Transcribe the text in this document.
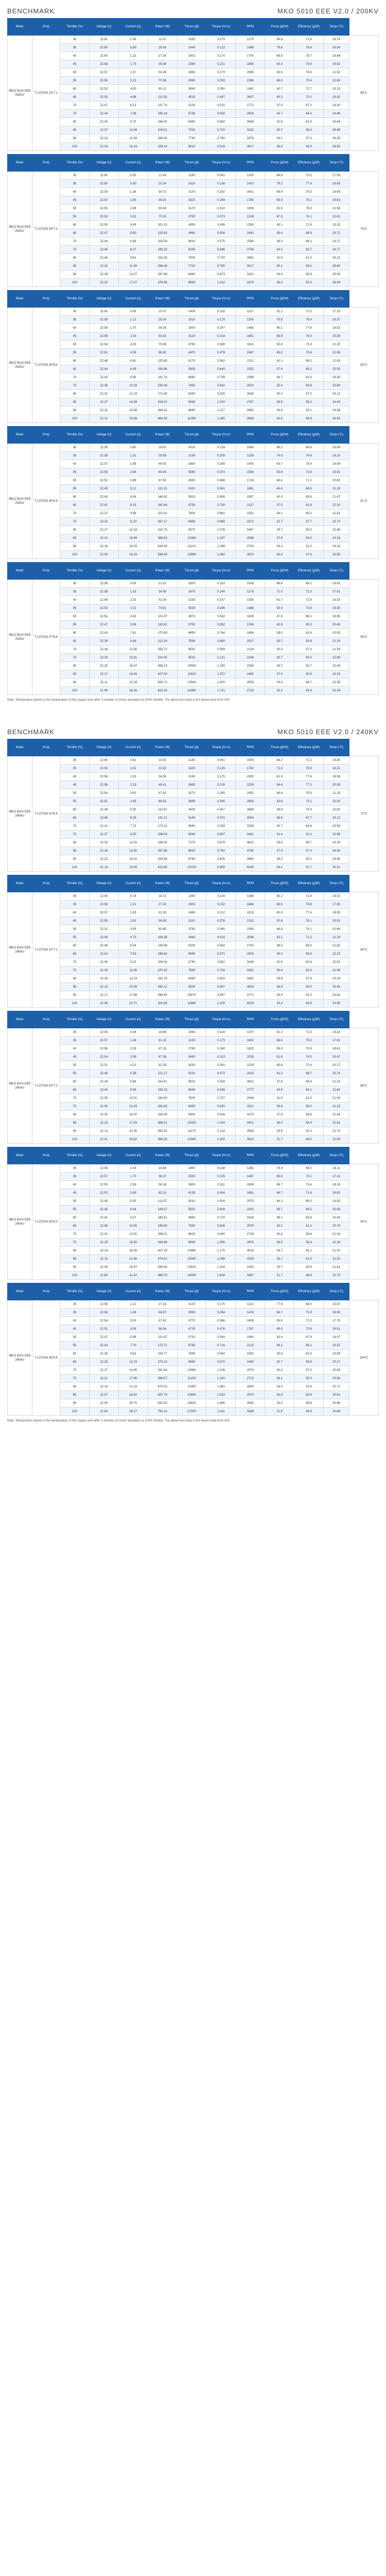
BENCHMARK	MKO 5010 EEE V2.0 / 200KV
Motor	Prop	Throttle (%)	Voltage (V)	Current (A)	Power (W)	Thrust (gf)	Torque (N·m)	RPM	Force (gf/W)	Efficiency (g/W)	Temp (°C)	
MKO 5010 EEE 200KV	T-LOTON 23*7.1	30	22.61	0.49	11.07	1050	0.079	1279	94.8	71.6	16.74	69°C
		35	22.60	0.80	18.08	1440	0.122	1498	79.6	76.8	18.04	
		40	22.60	1.21	27.35	1902	0.170	1700	69.5	79.7	19.48	
		45	22.58	1.73	39.06	2360	0.221	1895	60.4	79.6	20.52	
		50	22.57	2.37	53.49	2860	0.273	2085	53.5	78.6	21.52	
		55	22.55	3.13	70.58	3390	0.330	2266	48.0	75.4	22.40	
		60	22.53	4.00	90.12	3940	0.390	2441	43.7	72.7	23.13	
		65	22.50	4.98	112.05	4510	0.447	2607	40.2	70.0	23.82	
		70	22.47	6.13	137.74	5100	0.515	2771	37.0	67.0	24.40	
		75	22.44	7.36	165.16	5730	0.580	2928	34.7	64.4	24.96	
		80	22.40	8.75	196.00	6390	0.650	3084	32.6	61.9	25.44	
		85	22.37	10.26	229.52	7050	0.720	3232	30.7	59.3	25.89	
		90	22.33	11.93	266.40	7740	0.790	3376	29.1	57.5	26.26	
		100	22.26	15.24	339.24	9010	0.919	3617	26.6	54.3	26.83	
Motor	Prop	Throttle (%)	Voltage (V)	Current (A)	Power (W)	Thrust (gf)	Torque (N·m)	RPM	Force (gf/W)	Efficiency (g/W)	Temp (°C)	
MKO 5010 EEE 200KV	T-LOTON 24*7.2	30	22.60	0.55	12.43	1180	0.091	1205	94.9	73.2	17.09	74°C
		35	22.60	0.90	20.34	1610	0.138	1410	79.2	77.4	18.45	
		40	22.59	1.36	30.72	2100	0.192	1601	68.4	79.3	19.69	
		45	22.57	1.95	44.01	2620	0.249	1783	59.5	78.1	20.63	
		50	22.55	2.68	60.43	3170	0.310	1959	52.5	76.0	21.58	
		55	22.53	3.52	79.31	3750	0.373	2126	47.3	74.1	22.41	
		60	22.50	4.49	101.03	4350	0.436	2290	43.1	71.9	23.15	
		65	22.47	5.60	125.83	4960	0.504	2443	39.4	68.9	23.72	
		70	22.44	6.88	154.39	5610	0.575	2594	36.3	66.3	24.27	
		75	22.40	8.27	185.25	6290	0.646	2740	34.0	63.7	24.77	
		80	22.36	9.81	219.35	7000	0.720	2882	31.9	61.3	25.22	
		85	22.32	11.49	256.46	7720	0.795	3017	30.1	59.0	25.60	
		90	22.28	13.37	297.88	8460	0.873	3151	28.4	56.9	25.93	
		100	22.20	17.07	378.95	9850	1.012	3375	26.0	53.5	26.49	
Motor	Prop	Throttle (%)	Voltage (V)	Current (A)	Power (W)	Thrust (gf)	Torque (N·m)	RPM	Force (gf/W)	Efficiency (g/W)	Temp (°C)	
MKO 5010 EEE 200KV	T-LOTON 25*8.0	30	22.60	0.68	15.37	1400	0.118	1117	91.1	72.3	17.15	83°C
		35	22.59	1.12	25.30	1910	0.178	1305	75.5	76.9	18.37	
		40	22.58	1.70	38.39	2500	0.247	1483	65.1	77.6	19.52	
		45	22.56	2.43	54.82	3120	0.319	1651	56.9	76.0	20.39	
		50	22.54	3.33	75.06	3780	0.398	1812	50.4	73.3	21.20	
		55	22.51	4.39	98.82	4470	0.479	1967	45.2	70.6	21.89	
		60	22.48	5.60	125.89	5170	0.562	2112	41.1	68.0	22.43	
		65	22.44	6.99	156.86	5900	0.649	2252	37.6	65.2	22.93	
		70	22.40	8.56	191.74	6660	0.739	2388	34.7	62.4	23.39	
		75	22.36	10.29	230.08	7450	0.830	2520	32.4	59.8	23.80	
		80	22.31	12.19	271.96	8250	0.925	2646	30.3	57.5	24.12	
		85	22.27	14.28	318.02	9060	1.020	2767	28.5	55.2	24.40	
		90	22.22	16.58	368.41	9890	1.117	2882	26.8	53.1	24.58	
		100	22.12	20.99	464.30	11390	1.285	3069	24.5	49.9	24.84	
Motor	Prop	Throttle (%)	Voltage (V)	Current (A)	Power (W)	Thrust (gf)	Torque (N·m)	RPM	Force (gf/W)	Efficiency (g/W)	Temp (°C)	
MKO 5010 EEE 200KV	T-LOTON 26*8.5	30	22.59	0.80	18.07	1610	0.139	1060	89.1	69.8	16.89	91°C
		35	22.58	1.31	29.58	2190	0.209	1238	74.0	74.6	18.10	
		40	22.57	1.99	44.91	2860	0.289	1405	63.7	75.4	19.08	
		45	22.55	2.84	64.04	3580	0.374	1564	55.9	73.8	19.92	
		50	22.52	3.89	87.60	4330	0.466	1716	49.4	71.1	20.62	
		55	22.49	5.12	115.15	5110	0.561	1861	44.4	68.5	21.19	
		60	22.45	6.54	146.82	5920	0.658	1997	40.3	65.6	21.67	
		65	22.41	8.15	182.64	6750	0.759	2127	37.0	62.8	22.10	
		70	22.37	9.96	222.81	7600	0.862	2251	34.1	60.2	22.42	
		75	22.32	11.97	267.17	8480	0.968	2372	31.7	57.7	22.73	
		80	22.27	14.18	315.79	9370	1.076	2487	29.7	55.3	22.98	
		85	22.22	16.59	368.63	10280	1.187	2598	27.9	53.0	23.18	
		90	22.16	19.25	426.58	11210	1.298	2704	26.3	51.0	23.34	
		100	22.05	24.33	536.48	12890	1.492	2874	24.0	47.8	23.55	
Motor	Prop	Throttle (%)	Voltage (V)	Current (A)	Power (W)	Thrust (gf)	Torque (N·m)	RPM	Force (gf/W)	Efficiency (g/W)	Temp (°C)	
MKO 5010 EEE 200KV	T-LOTON 27*8.8	30	22.59	0.93	21.01	1820	0.163	1008	86.6	68.2	16.62	99°C
		35	22.58	1.53	34.55	2470	0.244	1176	71.5	72.3	17.61	
		40	22.56	2.32	52.34	3230	0.337	1335	61.7	72.9	18.53	
		45	22.54	3.31	74.61	4030	0.436	1486	54.0	70.9	19.30	
		50	22.51	4.53	101.97	4870	0.542	1629	47.8	68.1	19.95	
		55	22.47	5.96	133.92	5750	0.652	1766	42.9	65.3	20.49	
		60	22.43	7.61	170.69	6650	0.764	1894	39.0	62.6	20.93	
		65	22.39	9.48	212.26	7580	0.880	2017	35.7	59.9	21.29	
		70	22.34	11.58	258.70	8530	0.999	2134	33.0	57.3	21.59	
		75	22.29	13.91	310.05	9510	1.121	2248	30.7	55.0	21.85	
		80	22.23	16.47	366.13	10500	1.245	2356	28.7	52.7	22.06	
		85	22.17	19.26	427.00	11510	1.372	2460	27.0	50.6	22.23	
		90	22.11	22.33	493.72	12540	1.500	2559	25.4	48.7	22.35	
		100	21.99	28.16	619.24	14390	1.721	2718	23.2	45.6	22.49	
Note: Temperature above is the temperature of the copper wire after 3 minutes of motor operation at 100% throttle. The above test data is the lowest data from 50V.
BENCHMARK	MKO 5010 EEE V2.0 / 240KV
Motor	Prop	Throttle (%)	Voltage (V)	Current (A)	Power (W)	Thrust (gf)	Torque (N·m)	RPM	Force (gf/W)	Efficiency (g/W)	Temp (°C)	
MKO 5010 EEE 240KV	T-LOTON 22*6.6	30	22.60	0.62	14.01	1180	0.081	1504	84.2	71.1	16.85	72°C
		35	22.59	1.01	22.82	1620	0.125	1762	71.0	75.9	18.21	
		40	22.58	1.53	34.55	2140	0.175	2000	61.9	77.6	19.36	
		45	22.56	2.19	49.41	2690	0.228	2230	54.4	77.1	20.39	
		50	22.54	3.00	67.62	3270	0.285	2452	48.4	75.5	21.25	
		55	22.51	3.95	88.91	3880	0.345	2664	43.6	73.1	22.00	
		60	22.48	5.05	113.52	4500	0.407	2869	39.6	70.4	22.62	
		65	22.45	6.29	141.21	5150	0.471	3064	36.5	67.7	23.12	
		70	22.41	7.73	173.23	5830	0.539	3256	33.7	64.8	23.56	
		75	22.37	9.30	208.04	6540	0.607	3441	31.4	62.1	23.98	
		80	22.33	11.03	246.30	7270	0.679	3622	29.5	59.7	24.34	
		85	22.28	12.92	287.86	8020	0.752	3794	27.9	57.3	24.60	
		90	22.23	15.02	333.89	8780	0.826	3960	26.3	55.2	24.85	
		100	22.14	19.09	422.65	10220	0.959	4245	24.2	51.7	25.21	
Motor	Prop	Throttle (%)	Voltage (V)	Current (A)	Power (W)	Thrust (gf)	Torque (N·m)	RPM	Force (gf/W)	Efficiency (g/W)	Temp (°C)	
MKO 5010 EEE 240KV	T-LOTON 23*7.1	30	22.59	0.74	16.72	1390	0.100	1438	83.1	72.4	16.51	80°C
		35	22.58	1.21	27.32	1900	0.152	1684	69.5	76.8	17.85	
		40	22.57	1.83	41.30	2480	0.212	1913	60.0	77.4	18.95	
		45	22.55	2.62	59.08	3110	0.276	2132	52.6	76.1	19.91	
		50	22.52	3.59	80.85	3780	0.345	2343	46.8	74.1	20.68	
		55	22.49	4.73	106.38	4480	0.418	2546	42.1	71.2	21.29	
		60	22.46	6.04	135.66	5200	0.492	2740	38.3	68.5	21.82	
		65	22.42	7.53	168.82	5950	0.571	2926	35.2	65.5	22.23	
		70	22.38	9.22	206.34	6730	0.652	3106	32.6	62.8	22.62	
		75	22.33	11.08	247.42	7530	0.734	3281	30.4	60.2	22.96	
		80	22.28	13.14	292.76	8360	0.820	3452	28.6	57.8	23.24	
		85	22.23	15.39	342.12	9200	0.907	3614	26.9	55.5	23.44	
		90	22.17	17.88	396.40	10070	0.997	3771	25.4	53.3	23.62	
		100	22.06	22.71	500.98	11660	1.155	4033	23.3	49.9	23.85	
Motor	Prop	Throttle (%)	Voltage (V)	Current (A)	Power (W)	Thrust (gf)	Torque (N·m)	RPM	Force (gf/W)	Efficiency (g/W)	Temp (°C)	
MKO 5010 EEE 240KV	T-LOTON 24*7.2	30	22.59	0.84	18.98	1560	0.114	1370	82.2	71.5	16.42	86°C
		35	22.57	1.38	31.15	2130	0.173	1602	68.4	75.3	17.61	
		40	22.56	2.09	47.15	2780	0.240	1820	59.0	75.9	18.61	
		45	22.54	2.99	67.39	3480	0.313	2028	51.6	74.5	19.47	
		50	22.51	4.10	92.29	4230	0.391	2228	45.8	72.4	20.17	
		55	22.48	5.39	121.17	5010	0.473	2419	41.3	69.7	20.74	
		60	22.44	6.89	154.61	5810	0.558	2601	37.6	66.9	21.23	
		65	22.40	8.58	192.19	6640	0.646	2777	34.5	64.1	21.62	
		70	22.35	10.51	234.90	7500	0.737	2946	31.9	61.5	21.94	
		75	22.30	12.63	281.65	8390	0.830	3110	29.8	59.0	22.23	
		80	22.25	14.97	333.08	9300	0.926	3270	27.9	56.6	22.44	
		85	22.19	17.53	389.01	10230	1.024	3421	26.3	54.4	22.62	
		90	22.13	20.35	450.35	11170	1.124	3568	24.8	52.3	22.74	
		100	22.01	25.82	568.30	12900	1.300	3810	22.7	49.0	22.93	
Motor	Prop	Throttle (%)	Voltage (V)	Current (A)	Power (W)	Thrust (gf)	Torque (N·m)	RPM	Force (gf/W)	Efficiency (g/W)	Temp (°C)	
MKO 5010 EEE 240KV	T-LOTON 25*8.0	30	22.58	1.04	23.48	1850	0.148	1282	78.8	69.2	16.11	95°C
		35	22.57	1.70	38.37	2530	0.225	1497	65.9	73.1	17.24	
		40	22.55	2.58	58.18	3300	0.311	1699	56.7	73.4	18.16	
		45	22.52	3.69	83.10	4130	0.404	1891	49.7	71.6	18.92	
		50	22.49	5.05	113.57	5010	0.504	2075	44.1	69.3	19.55	
		55	22.45	6.64	149.07	5920	0.608	2250	39.7	66.5	20.05	
		60	22.41	8.47	189.81	6860	0.715	2416	36.1	63.9	20.44	
		65	22.36	10.55	235.90	7830	0.826	2575	33.2	61.1	20.78	
		70	22.31	12.91	288.02	8820	0.940	2728	30.6	58.6	21.04	
		75	22.25	15.50	344.88	9840	1.056	2876	28.5	56.3	21.26	
		80	22.19	18.35	407.19	10880	1.175	3018	26.7	54.1	21.42	
		85	22.13	21.46	474.91	11940	1.296	3153	25.1	51.9	21.53	
		90	22.06	24.87	548.63	13010	1.418	3283	23.7	49.9	21.61	
		100	21.92	31.42	688.73	14940	1.628	3497	21.7	46.6	21.70	
Motor	Prop	Throttle (%)	Voltage (V)	Current (A)	Power (W)	Thrust (gf)	Torque (N·m)	RPM	Force (gf/W)	Efficiency (g/W)	Temp (°C)	
MKO 5010 EEE 240KV	T-LOTON 26*8.5	30	22.58	1.21	27.32	2120	0.175	1212	77.6	68.0	15.87	104°C
		35	22.56	1.98	44.67	2890	0.264	1415	64.7	71.9	16.93	
		40	22.54	3.00	67.62	3770	0.366	1606	55.8	72.3	17.79	
		45	22.51	4.28	96.34	4720	0.476	1787	49.0	70.6	18.51	
		50	22.47	5.86	131.67	5720	0.594	1960	43.4	67.8	19.07	
		55	22.43	7.70	172.71	6760	0.716	2125	39.1	65.1	19.52	
		60	22.38	9.82	219.77	7830	0.842	2281	35.6	62.4	19.89	
		65	22.33	12.23	273.10	8930	0.972	2430	32.7	59.8	20.17	
		70	22.27	14.95	332.94	10060	1.106	2574	30.2	57.3	20.40	
		75	22.21	17.95	398.67	11220	1.242	2712	28.1	55.0	20.58	
		80	22.14	21.23	470.03	12400	1.381	2844	26.4	52.8	20.72	
		85	22.07	24.82	547.78	13600	1.522	2970	24.8	50.8	20.81	
		90	22.00	28.75	632.50	14820	1.665	3090	23.4	48.8	20.86	
		100	21.84	36.27	792.14	17000	1.911	3288	21.5	45.6	20.89	
Note: Temperature above is the temperature of the copper wire after 3 minutes of motor operation at 100% throttle. The above test data is the lowest data from 50V.
